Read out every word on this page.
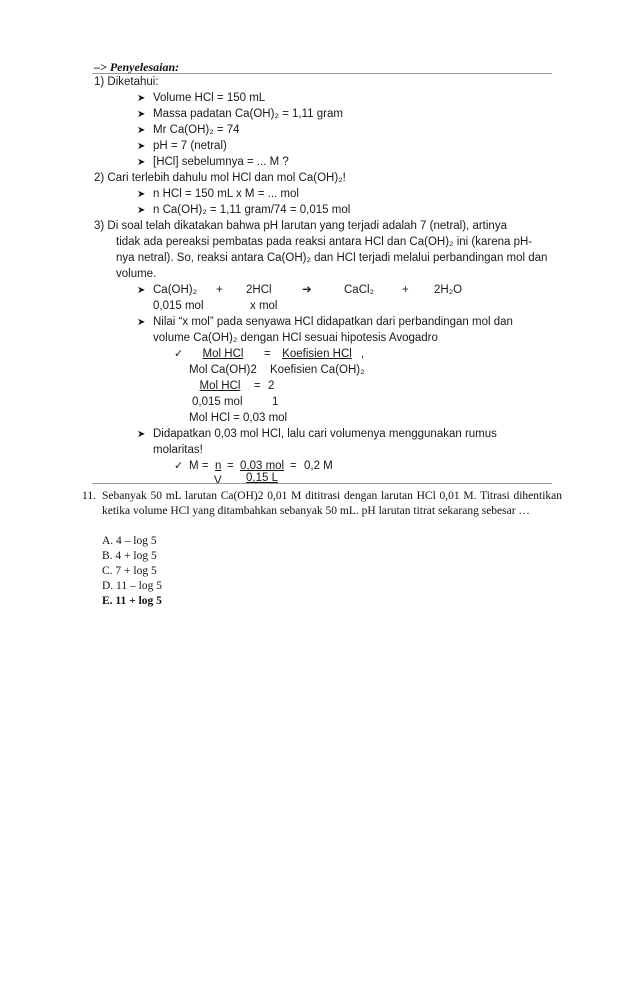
–> Penyelesaian:
1) Diketahui:
➤ Volume HCl = 150 mL
➤ Massa padatan Ca(OH)₂ = 1,11 gram
➤ Mr Ca(OH)₂ = 74
➤ pH = 7 (netral)
➤ [HCl] sebelumnya = ... M ?
2) Cari terlebih dahulu mol HCl dan mol Ca(OH)₂!
➤ n HCl = 150 mL x M = ... mol
➤ n Ca(OH)₂ = 1,11 gram/74 = 0,015 mol
3) Di soal telah dikatakan bahwa pH larutan yang terjadi adalah 7 (netral), artinya
tidak ada pereaksi pembatas pada reaksi antara HCl dan Ca(OH)₂ ini (karena pH-
nya netral). So, reaksi antara Ca(OH)₂ dan HCl terjadi melalui perbandingan mol dan
volume.
➤ Ca(OH)₂ + 2HCl	➔	CaCl₂ + 2H₂O
0,015 mol	x mol
➤ Nilai “x mol” pada senyawa HCl didapatkan dari perbandingan mol dan
volume Ca(OH)₂ dengan HCl sesuai hipotesis Avogadro
✓	Mol HCl	= Koefisien HCl ,
Mol Ca(OH)2 Koefisien Ca(OH)₂
Mol HCl	= 2
0,015 mol	1
Mol HCl = 0,03 mol
➤ Didapatkan 0,03 mol HCl, lalu cari volumenya menggunakan rumus
molaritas!
✓ M = n = 0,03 mol = 0,2 M
V 0,15 L
11. Sebanyak 50 mL larutan Ca(OH)2 0,01 M dititrasi dengan larutan HCl 0,01 M. Titrasi dihentikan ketika volume HCl yang ditambahkan sebanyak 50 mL. pH larutan titrat sekarang sebesar …
A. 4 – log 5
B. 4 + log 5
C. 7 + log 5
D. 11 – log 5
E. 11 + log 5
